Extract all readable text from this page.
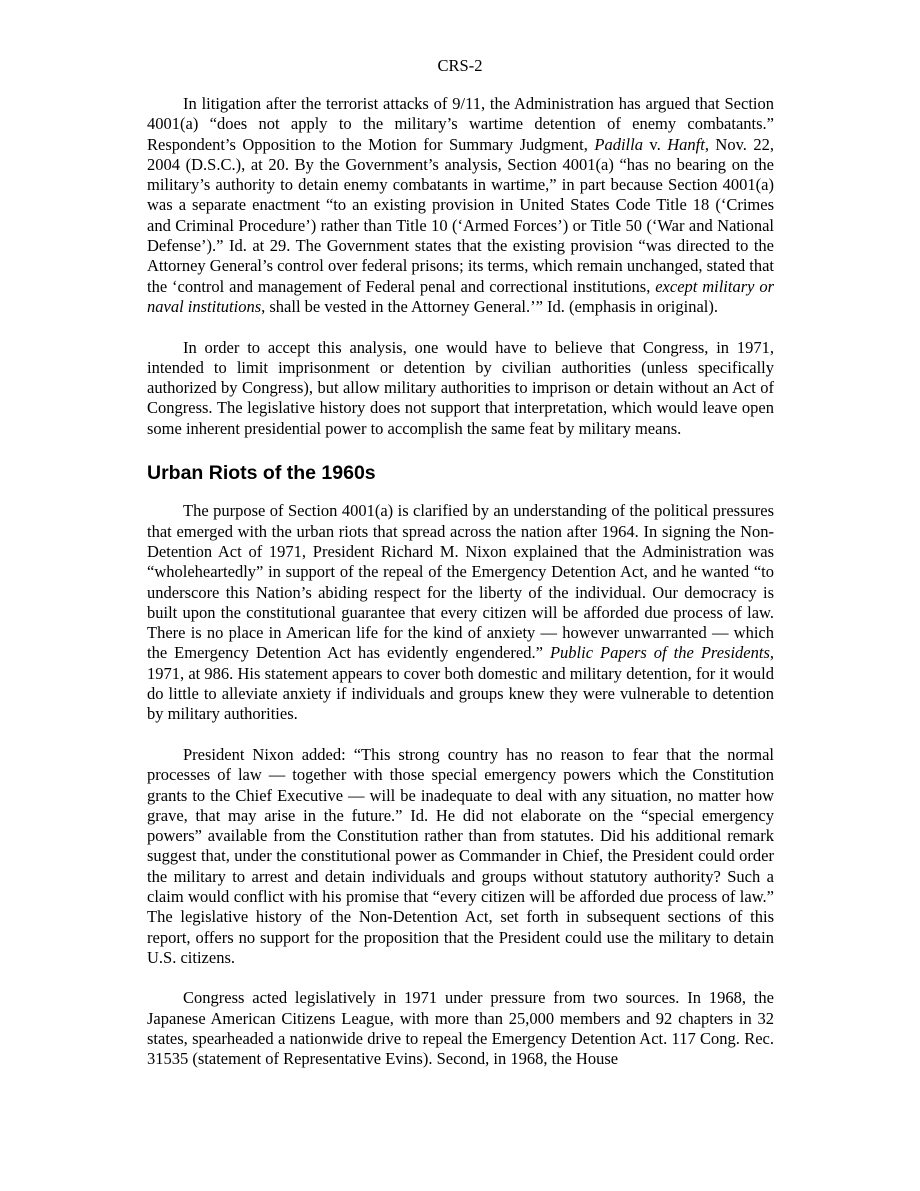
CRS-2

In litigation after the terrorist attacks of 9/11, the Administration has argued that Section 4001(a) “does not apply to the military’s wartime detention of enemy combatants.” Respondent’s Opposition to the Motion for Summary Judgment, Padilla v. Hanft, Nov. 22, 2004 (D.S.C.), at 20. By the Government’s analysis, Section 4001(a) “has no bearing on the military’s authority to detain enemy combatants in wartime,” in part because Section 4001(a) was a separate enactment “to an existing provision in United States Code Title 18 (‘Crimes and Criminal Procedure’) rather than Title 10 (‘Armed Forces’) or Title 50 (‘War and National Defense’).” Id. at 29. The Government states that the existing provision “was directed to the Attorney General’s control over federal prisons; its terms, which remain unchanged, stated that the ‘control and management of Federal penal and correctional institutions, except military or naval institutions, shall be vested in the Attorney General.’” Id. (emphasis in original).

In order to accept this analysis, one would have to believe that Congress, in 1971, intended to limit imprisonment or detention by civilian authorities (unless specifically authorized by Congress), but allow military authorities to imprison or detain without an Act of Congress. The legislative history does not support that interpretation, which would leave open some inherent presidential power to accomplish the same feat by military means.

Urban Riots of the 1960s

The purpose of Section 4001(a) is clarified by an understanding of the political pressures that emerged with the urban riots that spread across the nation after 1964. In signing the Non-Detention Act of 1971, President Richard M. Nixon explained that the Administration was “wholeheartedly” in support of the repeal of the Emergency Detention Act, and he wanted “to underscore this Nation’s abiding respect for the liberty of the individual. Our democracy is built upon the constitutional guarantee that every citizen will be afforded due process of law. There is no place in American life for the kind of anxiety — however unwarranted — which the Emergency Detention Act has evidently engendered.” Public Papers of the Presidents, 1971, at 986. His statement appears to cover both domestic and military detention, for it would do little to alleviate anxiety if individuals and groups knew they were vulnerable to detention by military authorities.

President Nixon added: “This strong country has no reason to fear that the normal processes of law — together with those special emergency powers which the Constitution grants to the Chief Executive — will be inadequate to deal with any situation, no matter how grave, that may arise in the future.” Id. He did not elaborate on the “special emergency powers” available from the Constitution rather than from statutes. Did his additional remark suggest that, under the constitutional power as Commander in Chief, the President could order the military to arrest and detain individuals and groups without statutory authority? Such a claim would conflict with his promise that “every citizen will be afforded due process of law.” The legislative history of the Non-Detention Act, set forth in subsequent sections of this report, offers no support for the proposition that the President could use the military to detain U.S. citizens.

Congress acted legislatively in 1971 under pressure from two sources. In 1968, the Japanese American Citizens League, with more than 25,000 members and 92 chapters in 32 states, spearheaded a nationwide drive to repeal the Emergency Detention Act. 117 Cong. Rec. 31535 (statement of Representative Evins). Second, in 1968, the House
